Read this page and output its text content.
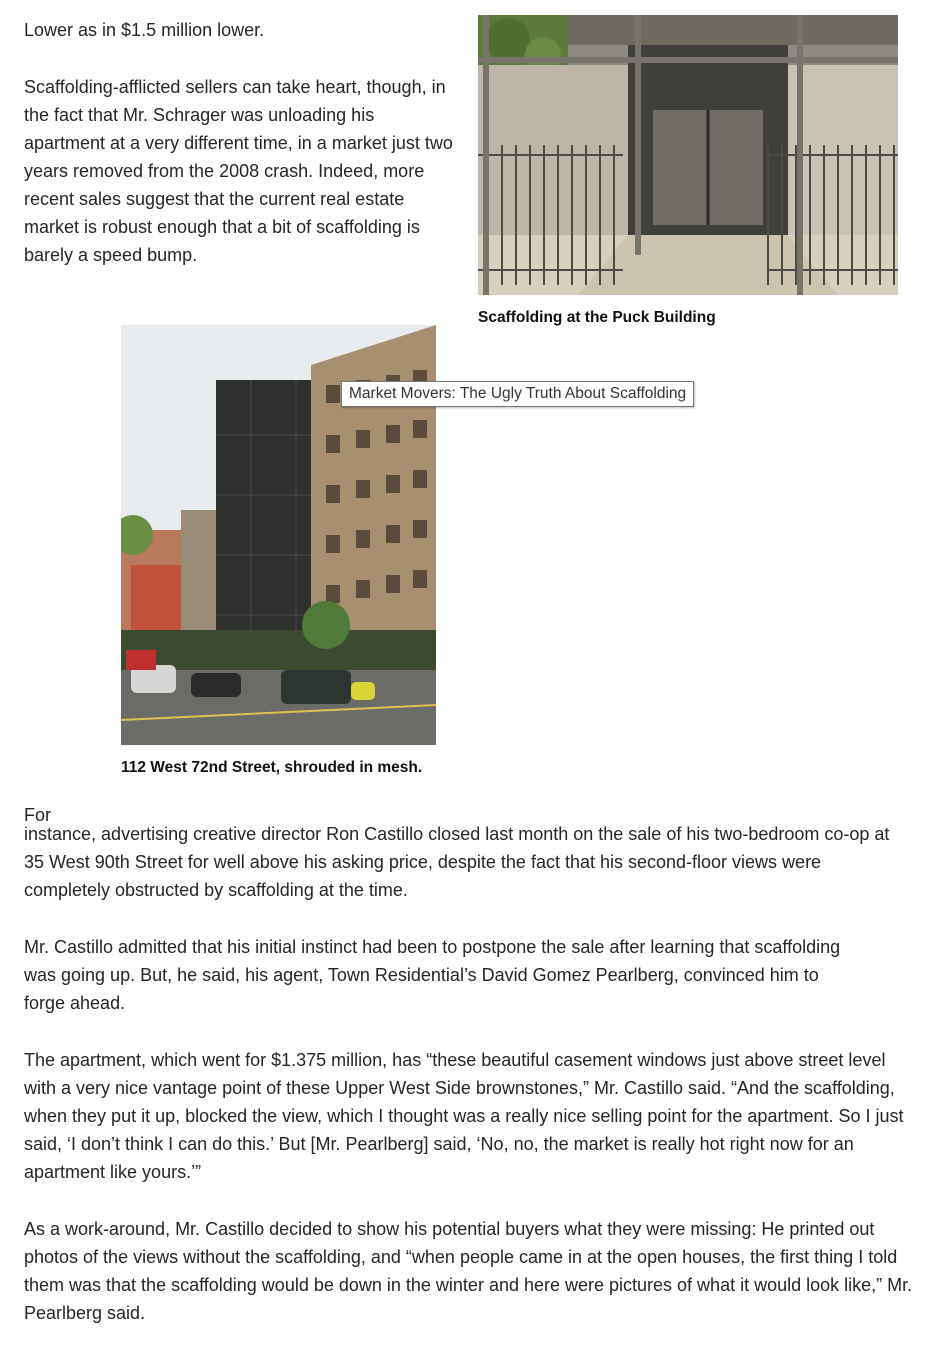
Lower as in $1.5 million lower.

Scaffolding-afflicted sellers can take heart, though, in the fact that Mr. Schrager was unloading his apartment at a very different time, in a market just two years removed from the 2008 crash. Indeed, more recent sales suggest that the current real estate market is robust enough that a bit of scaffolding is barely a speed bump.

Scaffolding at the Puck Building
112 West 72nd Street, shrouded in mesh.
Market Movers: The Ugly Truth About Scaffolding

For

instance, advertising creative director Ron Castillo closed last month on the sale of his two-bedroom co-op at 35 West 90th Street for well above his asking price, despite the fact that his second-floor views were completely obstructed by scaffolding at the time.

Mr. Castillo admitted that his initial instinct had been to postpone the sale after learning that scaffolding was going up. But, he said, his agent, Town Residential’s David Gomez Pearlberg, convinced him to forge ahead.

The apartment, which went for $1.375 million, has “these beautiful casement windows just above street level with a very nice vantage point of these Upper West Side brownstones,” Mr. Castillo said. “And the scaffolding, when they put it up, blocked the view, which I thought was a really nice selling point for the apartment. So I just said, ‘I don’t think I can do this.’ But [Mr. Pearlberg] said, ‘No, no, the market is really hot right now for an apartment like yours.’”

As a work-around, Mr. Castillo decided to show his potential buyers what they were missing: He printed out photos of the views without the scaffolding, and “when people came in at the open houses, the first thing I told them was that the scaffolding would be down in the winter and here were pictures of what it would look like,” Mr. Pearlberg said.
